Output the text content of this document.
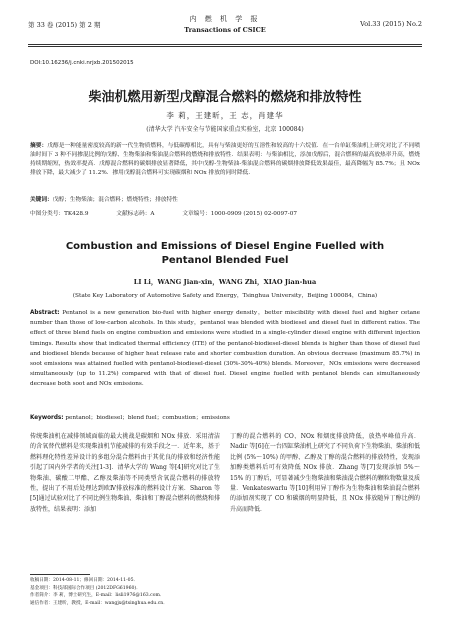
第 33 卷 (2015) 第 2 期
内 燃 机 学 报
Transactions of CSICE
Vol.33 (2015) No.2
DOI:10.16236/j.cnki.nrjxb.201502015
柴油机燃用新型戊醇混合燃料的燃烧和排放特性
李 莉，王建昕，王 志，肖建华
(清华大学 汽车安全与节能国家重点实验室，北京 100084)
摘要：戊醇是一种能量密度较高的新一代生物质燃料，与低碳醇相比，具有与柴油更好的互溶性和较高的十六烷值．在一台单缸柴油机上研究对比了不同喷油时间下 3 种不同掺混比例的戊醇、生物柴油和柴油混合燃料的燃烧和排放特性．结果表明：与柴油相比，添加戊醇后，混合燃料的最高放热率升高，燃烧持续期缩短，热效率提高．戊醇混合燃料的碳烟排放显著降低，其中戊醇-生物柴油-柴油混合燃料的碳烟排放降低效果最佳，最高降幅为 85.7%；且 NOx 排放下降，最大减少了 11.2%．掺用戊醇混合燃料可实现碳烟和 NOx 排放的同时降低．
关键词：戊醇；生物柴油；混合燃料；燃烧特性；排放特性
中图分类号：TK428.9	文献标志码：A	文章编号：1000-0909 (2015) 02-0097-07
Combustion and Emissions of Diesel Engine Fuelled with
Pentanol Blended Fuel
LI Li，WANG Jian-xin，WANG Zhi，XIAO Jian-hua
(State Key Laboratory of Automotive Safety and Energy，Tsinghua University，Beijing 100084，China)
Abstract: Pentanol is a new generation bio-fuel with higher energy density，better miscibility with diesel fuel and higher cetane number than those of low-carbon alcohols. In this study，pentanol was blended with biodiesel and diesel fuel in different ratios. The effect of three blend fuels on engine combustion and emissions were studied in a single-cylinder diesel engine with different injection timings. Results show that indicated thermal efficiency (ITE) of the pentanol-biodiesel-diesel blends is higher than those of diesel fuel and biodiesel blends because of higher heat release rate and shorter combustion duration. An obvious decrease (maximum 85.7%) in soot emissions was attained fuelled with pentanol-biodiesel-diesel (30%-30%-40%) blends. Moreover，NOx emissions were decreased simultaneously (up to 11.2%) compared with that of diesel fuel. Diesel engine fuelled with pentanol blends can simultaneously decrease both soot and NOx emissions.
Keywords: pentanol；biodiesel；blend fuel；combustion；emissions
传统柴油机在减排领域面临的最大挑战是碳烟和 NOx 排放．采用清洁的含氧替代燃料是实现柴油机节能减排的有效手段之一．近年来，基于燃料理化特性差异设计的多组分混合燃料由于其优良的排放和经济性能引起了国内外学者的关注[1-3]．清华大学的 Wang 等[4]研究对比了生物柴油、碳酸二甲酯、乙醇及柴油等不同类型含氧混合燃料的排放特性，提出了不用后处理达到欧Ⅳ排放标准的燃料设计方案．Sharon 等[5]通过试验对比了不同比例生物柴油、柴油和丁醇混合燃料的燃烧和排放特性，结果表明：添加
丁醇的混合燃料的 CO、NOx 和烟度排放降低，放热率峰值升高．Nadir 等[6]在一台四缸柴油机上研究了不同负荷下生物柴油、柴油和低比例 (5%～10%) 的甲醇、乙醇及丁醇的混合燃料的排放特性，发现添加醇类燃料后可有效降低 NOx 排放．Zhang 等[7]发现添加 5%～15% 的丁醇后，可显著减少生物柴油和柴油混合燃料的颗粒物数量及质量．Venkateswarlu 等[10]利用异丁醇作为生物柴油和柴油混合燃料的添加剂实现了 CO 和碳烟的明显降低，且 NOx 排放随异丁醇比例的升高而降低．
收稿日期：2014-08-11；修回日期：2014-11-05．
基金项目：科技部国际合作项目 (2012DFG61960)．
作者简介：李 莉，博士研究生，E-mail：lisli1976@163.com．
通信作者：王建昕，教授，E-mail：wangjx@tsinghua.edu.cn．
